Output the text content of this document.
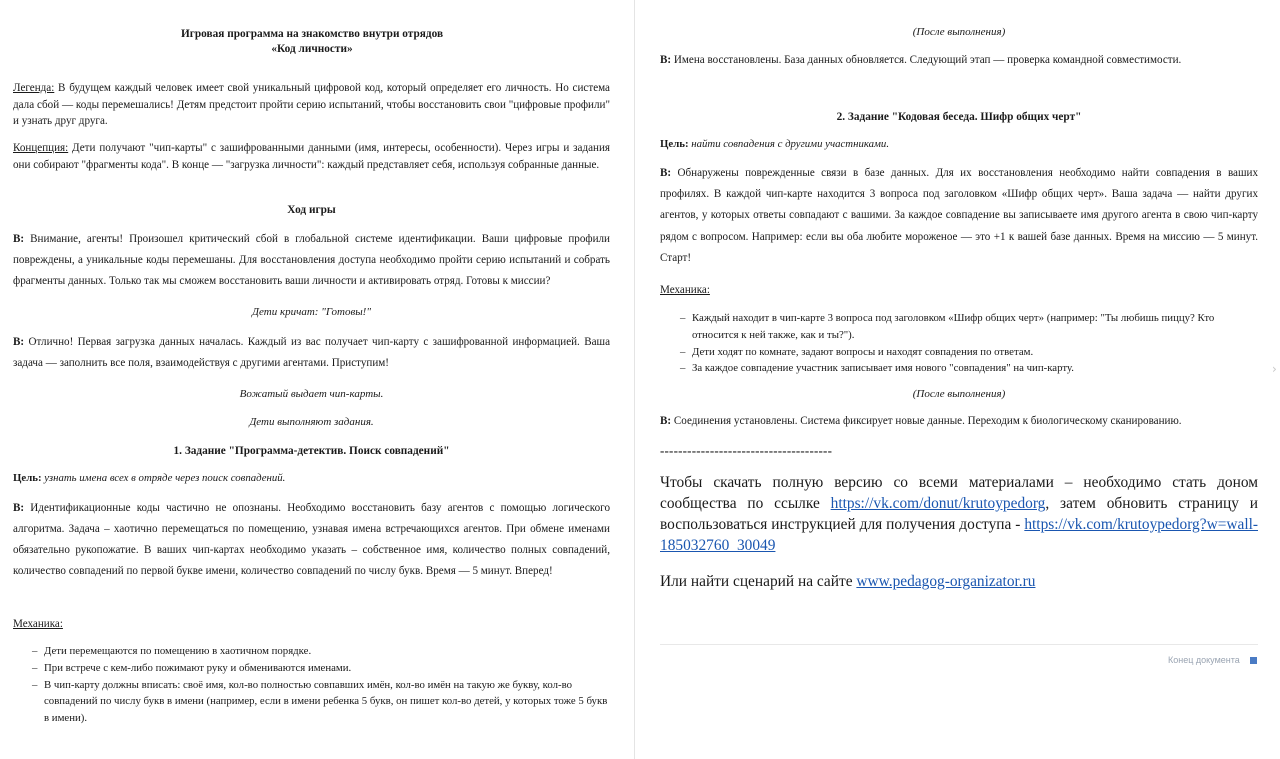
›
Игровая программа на знакомство внутри отрядов
«Код личности»
Легенда: В будущем каждый человек имеет свой уникальный цифровой код, который определяет его личность. Но система дала сбой — коды перемешались! Детям предстоит пройти серию испытаний, чтобы восстановить свои "цифровые профили" и узнать друг друга.
Концепция: Дети получают "чип-карты" с зашифрованными данными (имя, интересы, особенности). Через игры и задания они собирают "фрагменты кода". В конце — "загрузка личности": каждый представляет себя, используя собранные данные.
Ход игры
В: Внимание, агенты! Произошел критический сбой в глобальной системе идентификации. Ваши цифровые профили повреждены, а уникальные коды перемешаны. Для восстановления доступа необходимо пройти серию испытаний и собрать фрагменты данных. Только так мы сможем восстановить ваши личности и активировать отряд. Готовы к миссии?
Дети кричат: "Готовы!"
В: Отлично! Первая загрузка данных началась. Каждый из вас получает чип-карту с зашифрованной информацией. Ваша задача — заполнить все поля, взаимодействуя с другими агентами. Приступим!
Вожатый выдает чип-карты.
Дети выполняют задания.
1. Задание "Программа-детектив. Поиск совпадений"
Цель: узнать имена всех в отряде через поиск совпадений.
В: Идентификационные коды частично не опознаны. Необходимо восстановить базу агентов с помощью логического алгоритма. Задача – хаотично перемещаться по помещению, узнавая имена встречающихся агентов. При обмене именами обязательно рукопожатие. В ваших чип-картах необходимо указать – собственное имя, количество полных совпадений, количество совпадений по первой букве имени, количество совпадений по числу букв. Время — 5 минут. Вперед!
Механика:
– Дети перемещаются по помещению в хаотичном порядке.
– При встрече с кем-либо пожимают руку и обмениваются именами.
– В чип-карту должны вписать: своё имя, кол-во полностью совпавших имён, кол-во имён на такую же букву, кол-во совпадений по числу букв в имени (например, если в имени ребенка 5 букв, он пишет кол-во детей, у которых тоже 5 букв в имени).
(После выполнения)
В: Имена восстановлены. База данных обновляется. Следующий этап — проверка командной совместимости.
2. Задание "Кодовая беседа. Шифр общих черт"
Цель: найти совпадения с другими участниками.
В: Обнаружены поврежденные связи в базе данных. Для их восстановления необходимо найти совпадения в ваших профилях. В каждой чип-карте находится 3 вопроса под заголовком «Шифр общих черт». Ваша задача — найти других агентов, у которых ответы совпадают с вашими. За каждое совпадение вы записываете имя другого агента в свою чип-карту рядом с вопросом. Например: если вы оба любите мороженое — это +1 к вашей базе данных. Время на миссию — 5 минут. Старт!
Механика:
– Каждый находит в чип-карте 3 вопроса под заголовком «Шифр общих черт» (например: "Ты любишь пиццу? Кто относится к ней также, как и ты?").
– Дети ходят по комнате, задают вопросы и находят совпадения по ответам.
– За каждое совпадение участник записывает имя нового "совпадения" на чип-карту.
(После выполнения)
В: Соединения установлены. Система фиксирует новые данные. Переходим к биологическому сканированию.
--------------------------------------
Чтобы скачать полную версию со всеми материалами – необходимо стать доном сообщества по ссылке https://vk.com/donut/krutoypedorg, затем обновить страницу и воспользоваться инструкцией для получения доступа - https://vk.com/krutoypedorg?w=wall-185032760_30049
Или найти сценарий на сайте www.pedagog-organizator.ru
Конец документа
